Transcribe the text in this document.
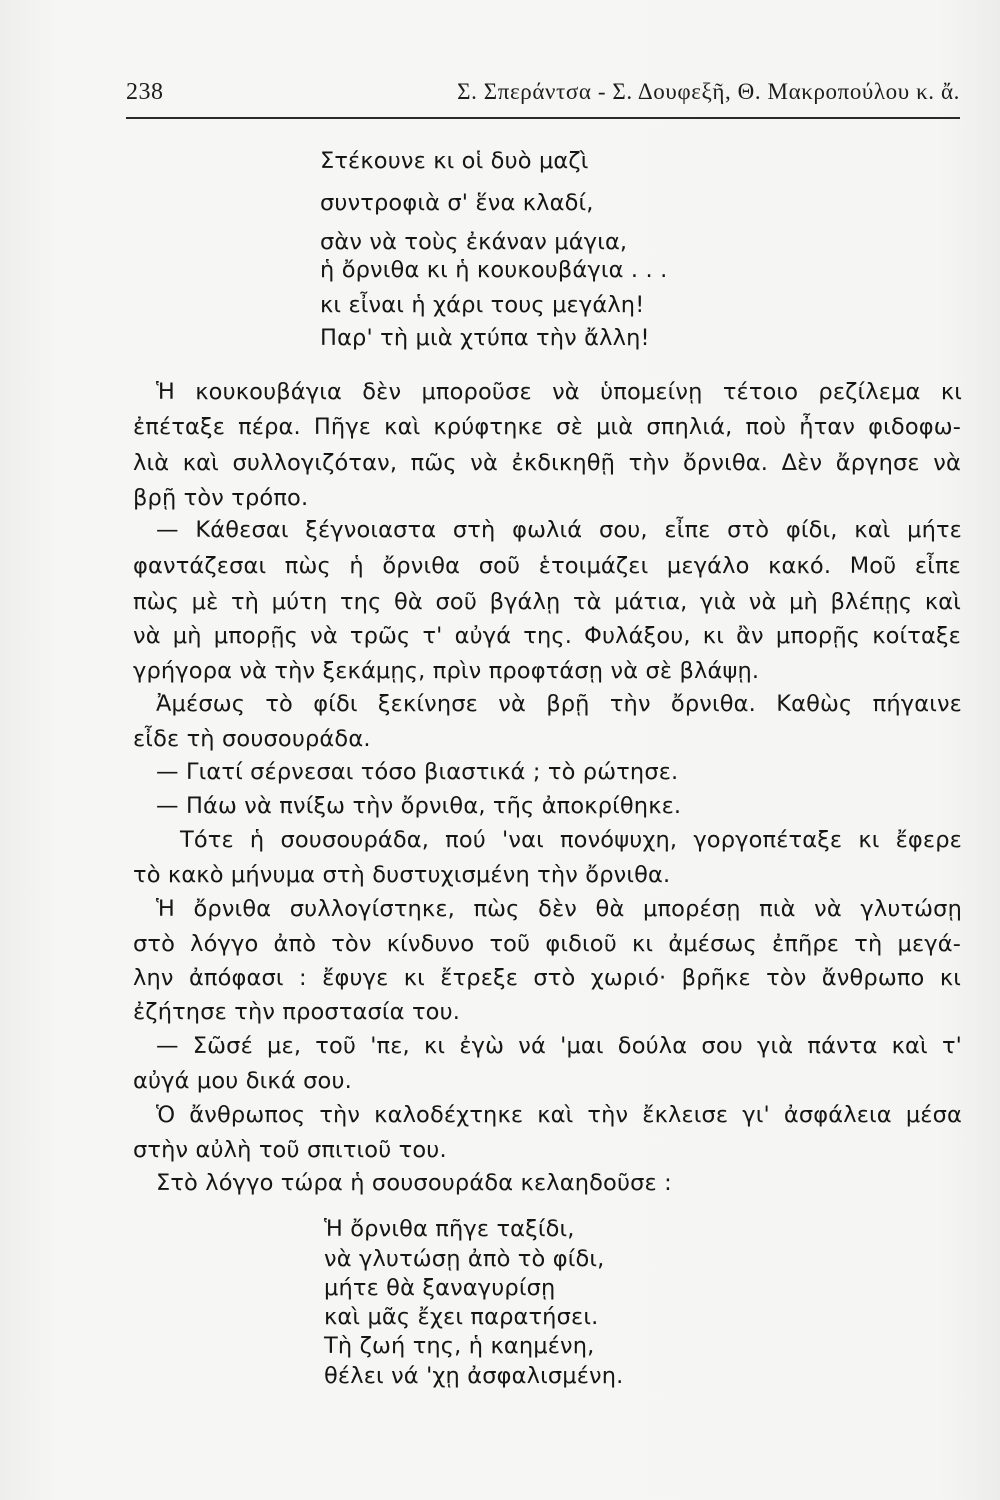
238	Σ. Σπεράντσα - Σ. Δουφεξῆ, Θ. Μακροπούλου κ. ἄ.
Στέκουνε κι οἱ δυὸ μαζὶ
συντροφιὰ σ' ἕνα κλαδί,
σὰν νὰ τοὺς ἐκάναν μάγια,
ἡ ὄρνιθα κι ἡ κουκουβάγια . . .
κι εἶναι ἡ χάρι τους μεγάλη!
Παρ' τὴ μιὰ χτύπα τὴν ἄλλη!
Ἡ κουκουβάγια δὲν μποροῦσε νὰ ὑπομείνῃ τέτοιο ρεζίλεμα κι
ἐπέταξε πέρα. Πῆγε καὶ κρύφτηκε σὲ μιὰ σπηλιά, ποὺ ἦταν φιδοφω-
λιὰ καὶ συλλογιζόταν, πῶς νὰ ἐκδικηθῇ τὴν ὄρνιθα. Δὲν ἄργησε νὰ
βρῇ τὸν τρόπο.
— Κάθεσαι ξέγνοιαστα στὴ φωλιά σου, εἶπε στὸ φίδι, καὶ μήτε
φαντάζεσαι πὼς ἡ ὄρνιθα σοῦ ἑτοιμάζει μεγάλο κακό. Μοῦ εἶπε
πὼς μὲ τὴ μύτη της θὰ σοῦ βγάλῃ τὰ μάτια, γιὰ νὰ μὴ βλέπῃς καὶ
νὰ μὴ μπορῇς νὰ τρῶς τ' αὐγά της. Φυλάξου, κι ἂν μπορῇς κοίταξε
γρήγορα νὰ τὴν ξεκάμῃς, πρὶν προφτάσῃ νὰ σὲ βλάψῃ.
Ἀμέσως τὸ φίδι ξεκίνησε νὰ βρῇ τὴν ὄρνιθα. Καθὼς πήγαινε
εἶδε τὴ σουσουράδα.
— Γιατί σέρνεσαι τόσο βιαστικά ; τὸ ρώτησε.
— Πάω νὰ πνίξω τὴν ὄρνιθα, τῆς ἀποκρίθηκε.
Τότε ἡ σουσουράδα, πού 'ναι πονόψυχη, γοργοπέταξε κι ἔφερε
τὸ κακὸ μήνυμα στὴ δυστυχισμένη τὴν ὄρνιθα.
Ἡ ὄρνιθα συλλογίστηκε, πὼς δὲν θὰ μπορέσῃ πιὰ νὰ γλυτώσῃ
στὸ λόγγο ἀπὸ τὸν κίνδυνο τοῦ φιδιοῦ κι ἀμέσως ἐπῆρε τὴ μεγά-
λην ἀπόφασι : ἔφυγε κι ἔτρεξε στὸ χωριό· βρῆκε τὸν ἄνθρωπο κι
ἐζήτησε τὴν προστασία του.
— Σῶσέ με, τοῦ 'πε, κι ἐγὼ νά 'μαι δούλα σου γιὰ πάντα καὶ τ'
αὐγά μου δικά σου.
Ὁ ἄνθρωπος τὴν καλοδέχτηκε καὶ τὴν ἔκλεισε γι' ἀσφάλεια μέσα
στὴν αὐλὴ τοῦ σπιτιοῦ του.
Στὸ λόγγο τώρα ἡ σουσουράδα κελαηδοῦσε :
Ἡ ὄρνιθα πῆγε ταξίδι,
νὰ γλυτώσῃ ἀπὸ τὸ φίδι,
μήτε θὰ ξαναγυρίσῃ
καὶ μᾶς ἔχει παρατήσει.
Τὴ ζωή της, ἡ καημένη,
θέλει νά 'χῃ ἀσφαλισμένη.
